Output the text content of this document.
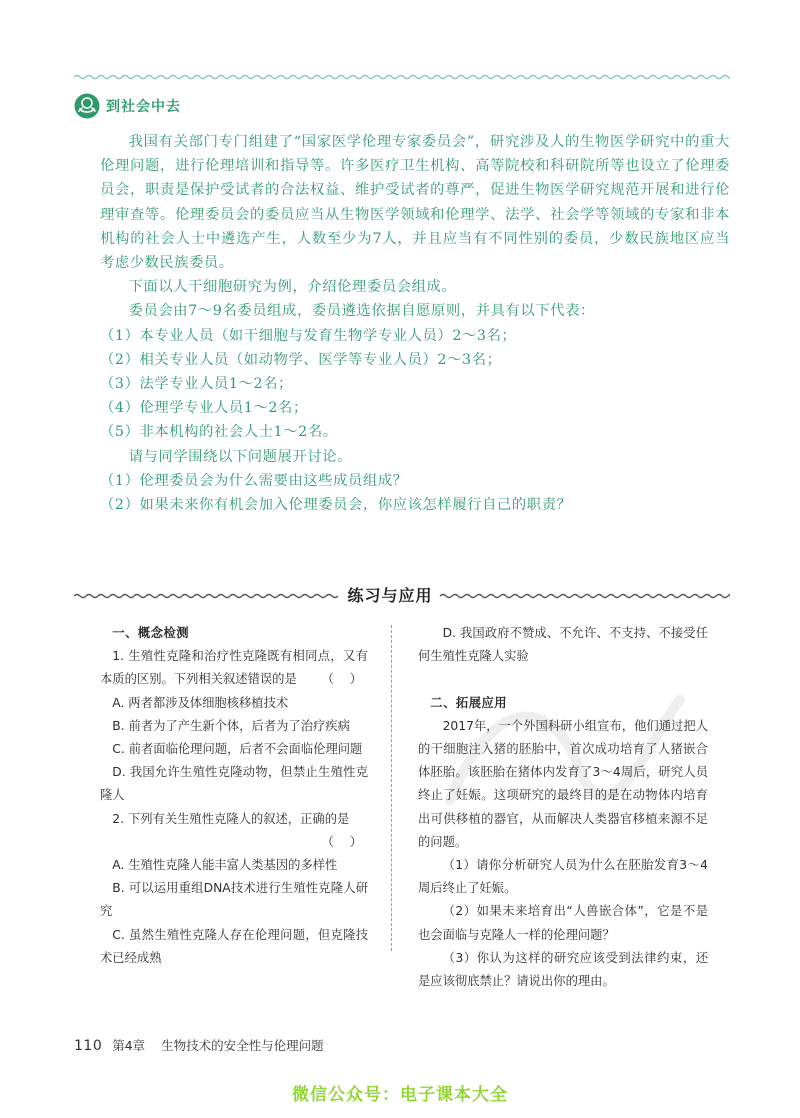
到社会中去

我国有关部门专门组建了“国家医学伦理专家委员会”，研究涉及人的生物医学研究中的重大伦理问题，进行伦理培训和指导等。许多医疗卫生机构、高等院校和科研院所等也设立了伦理委员会，职责是保护受试者的合法权益、维护受试者的尊严，促进生物医学研究规范开展和进行伦理审查等。伦理委员会的委员应当从生物医学领域和伦理学、法学、社会学等领域的专家和非本机构的社会人士中遴选产生，人数至少为7人，并且应当有不同性别的委员，少数民族地区应当考虑少数民族委员。

下面以人干细胞研究为例，介绍伦理委员会组成。

委员会由7～9名委员组成，委员遴选依据自愿原则，并具有以下代表：

（1）本专业人员（如干细胞与发育生物学专业人员）2～3名；

（2）相关专业人员（如动物学、医学等专业人员）2～3名；

（3）法学专业人员1～2名；

（4）伦理学专业人员1～2名；

（5）非本机构的社会人士1～2名。

请与同学围绕以下问题展开讨论。

（1）伦理委员会为什么需要由这些成员组成？

（2）如果未来你有机会加入伦理委员会，你应该怎样履行自己的职责？

练习与应用

一、概念检测

1. 生殖性克隆和治疗性克隆既有相同点，又有本质的区别。下列相关叙述错误的是	（ ）

A. 两者都涉及体细胞核移植技术

B. 前者为了产生新个体，后者为了治疗疾病

C. 前者面临伦理问题，后者不会面临伦理问题

D. 我国允许生殖性克隆动物，但禁止生殖性克隆人

2. 下列有关生殖性克隆人的叙述，正确的是

（ ）

A. 生殖性克隆人能丰富人类基因的多样性

B. 可以运用重组DNA技术进行生殖性克隆人研究

C. 虽然生殖性克隆人存在伦理问题，但克隆技术已经成熟

D. 我国政府不赞成、不允许、不支持、不接受任何生殖性克隆人实验

二、拓展应用

2017年，一个外国科研小组宣布，他们通过把人的干细胞注入猪的胚胎中，首次成功培育了人猪嵌合体胚胎。该胚胎在猪体内发育了3～4周后，研究人员终止了妊娠。这项研究的最终目的是在动物体内培育出可供移植的器官，从而解决人类器官移植来源不足的问题。

（1）请你分析研究人员为什么在胚胎发育3～4周后终止了妊娠。

（2）如果未来培育出“人兽嵌合体”，它是不是也会面临与克隆人一样的伦理问题？

（3）你认为这样的研究应该受到法律约束，还是应该彻底禁止？请说出你的理由。

110 第4章 生物技术的安全性与伦理问题
微信公众号：电子课本大全
